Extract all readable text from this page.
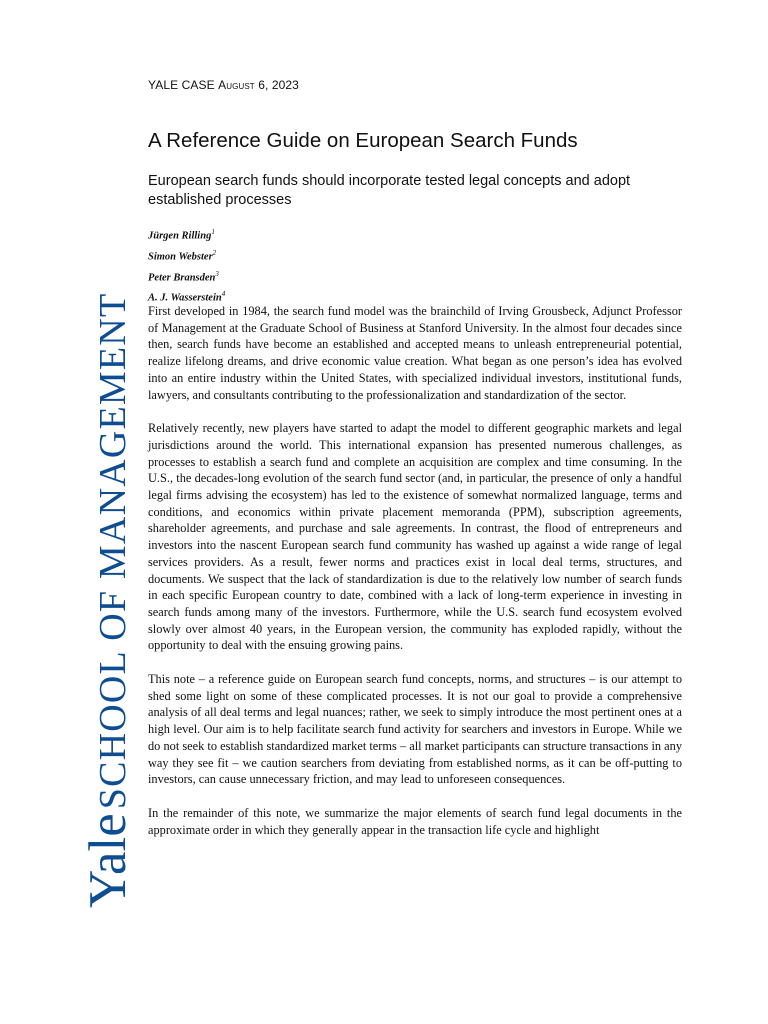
Yale SCHOOL OF MANAGEMENT
YALE CASE August 6, 2023
A Reference Guide on European Search Funds

European search funds should incorporate tested legal concepts and adopt established processes

Jürgen Rilling$^1$
Simon Webster$^2$
Peter Bransden$^3$
A. J. Wasserstein$^4$

First developed in 1984, the search fund model was the brainchild of Irving Grousbeck, Adjunct Professor of Management at the Graduate School of Business at Stanford University. In the almost four decades since then, search funds have become an established and accepted means to unleash entrepreneurial potential, realize lifelong dreams, and drive economic value creation. What began as one person’s idea has evolved into an entire industry within the United States, with specialized individual investors, institutional funds, lawyers, and consultants contributing to the professionalization and standardization of the sector.

Relatively recently, new players have started to adapt the model to different geographic markets and legal jurisdictions around the world. This international expansion has presented numerous challenges, as processes to establish a search fund and complete an acquisition are complex and time consuming. In the U.S., the decades-long evolution of the search fund sector (and, in particular, the presence of only a handful legal firms advising the ecosystem) has led to the existence of somewhat normalized language, terms and conditions, and economics within private placement memoranda (PPM), subscription agreements, shareholder agreements, and purchase and sale agreements. In contrast, the flood of entrepreneurs and investors into the nascent European search fund community has washed up against a wide range of legal services providers. As a result, fewer norms and practices exist in local deal terms, structures, and documents. We suspect that the lack of standardization is due to the relatively low number of search funds in each specific European country to date, combined with a lack of long-term experience in investing in search funds among many of the investors. Furthermore, while the U.S. search fund ecosystem evolved slowly over almost 40 years, in the European version, the community has exploded rapidly, without the opportunity to deal with the ensuing growing pains.

This note – a reference guide on European search fund concepts, norms, and structures – is our attempt to shed some light on some of these complicated processes. It is not our goal to provide a comprehensive analysis of all deal terms and legal nuances; rather, we seek to simply introduce the most pertinent ones at a high level. Our aim is to help facilitate search fund activity for searchers and investors in Europe. While we do not seek to establish standardized market terms – all market participants can structure transactions in any way they see fit – we caution searchers from deviating from established norms, as it can be off-putting to investors, can cause unnecessary friction, and may lead to unforeseen consequences.

In the remainder of this note, we summarize the major elements of search fund legal documents in the approximate order in which they generally appear in the transaction life cycle and highlight
